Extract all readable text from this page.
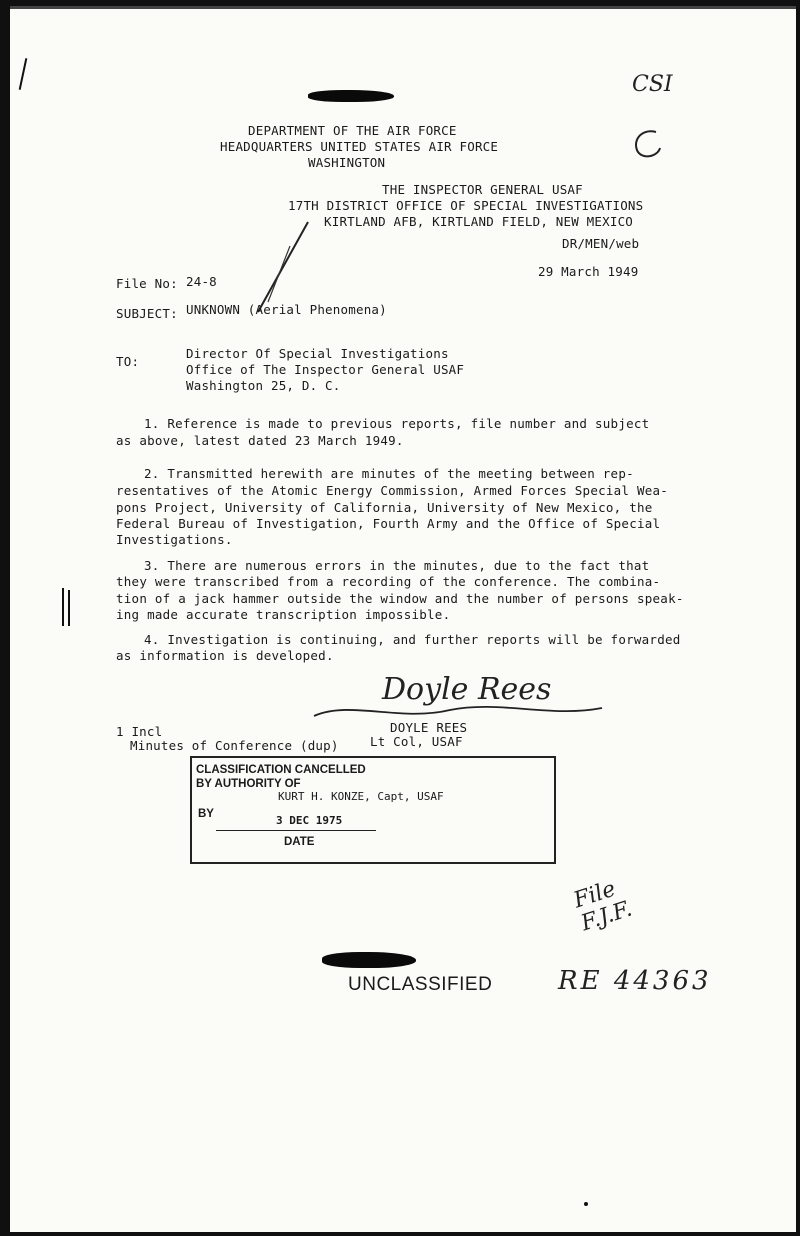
CSI
DEPARTMENT OF THE AIR FORCE
HEADQUARTERS UNITED STATES AIR FORCE
WASHINGTON
THE INSPECTOR GENERAL USAF
17TH DISTRICT OFFICE OF SPECIAL INVESTIGATIONS
KIRTLAND AFB, KIRTLAND FIELD, NEW MEXICO
DR/MEN/web
29 March 1949
File No: 24-8
SUBJECT: UNKNOWN (Aerial Phenomena)
TO:
Director Of Special Investigations
Office of The Inspector General USAF
Washington 25, D. C.
1. Reference is made to previous reports, file number and subject
as above, latest dated 23 March 1949.
2. Transmitted herewith are minutes of the meeting between rep-
resentatives of the Atomic Energy Commission, Armed Forces Special Wea-
pons Project, University of California, University of New Mexico, the
Federal Bureau of Investigation, Fourth Army and the Office of Special
Investigations.
3. There are numerous errors in the minutes, due to the fact that
they were transcribed from a recording of the conference. The combina-
tion of a jack hammer outside the window and the number of persons speak-
ing made accurate transcription impossible.
4. Investigation is continuing, and further reports will be forwarded
as information is developed.
Doyle Rees
DOYLE REES
Lt Col, USAF
1 Incl
Minutes of Conference (dup)
CLASSIFICATION CANCELLED
BY AUTHORITY OF
KURT H. KONZE, Capt, USAF
BY	3 DEC 1975
DATE
File F.J.F.
UNCLASSIFIED	RE 44363
